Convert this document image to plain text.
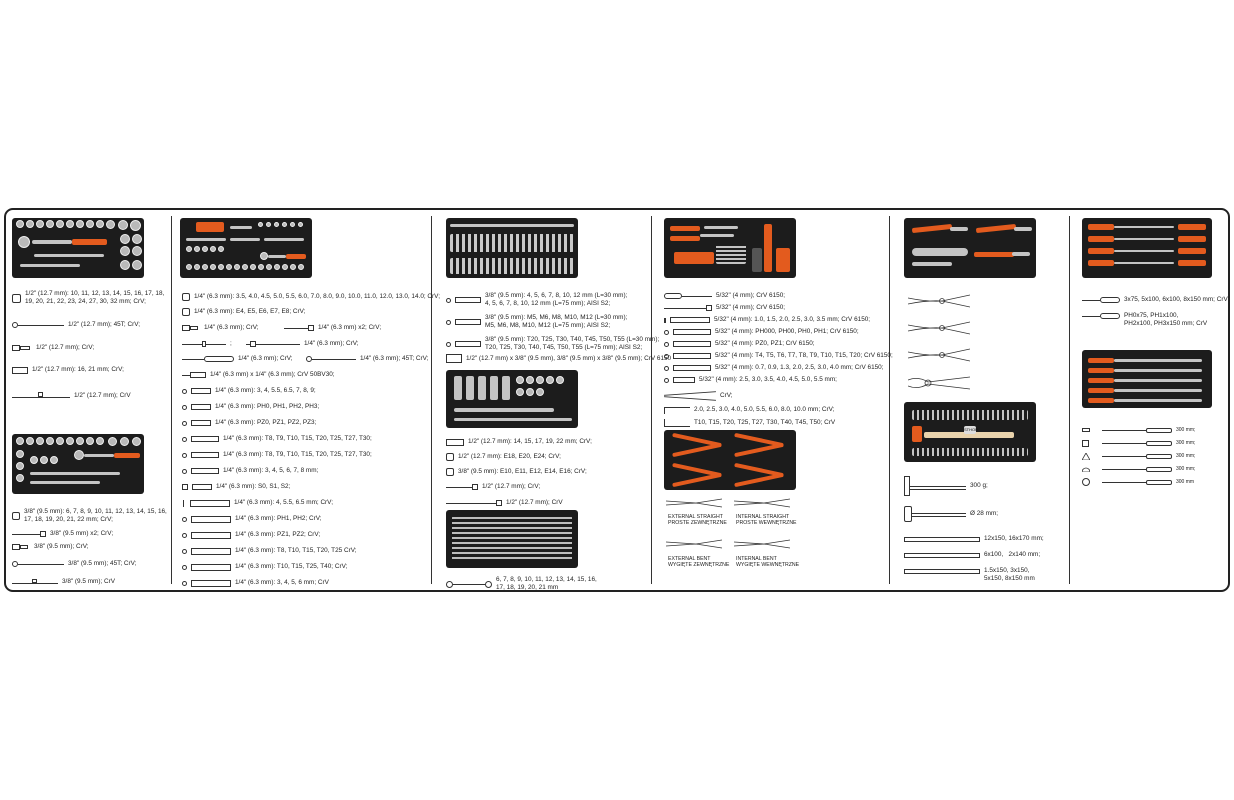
1/2" (12.7 mm): 10, 11, 12, 13, 14, 15, 16, 17, 18,
19, 20, 21, 22, 23, 24, 27, 30, 32 mm; CrV;
1/2" (12.7 mm); 45T; CrV;
1/2" (12.7 mm); CrV;
1/2" (12.7 mm): 16, 21 mm; CrV;
1/2" (12.7 mm); CrV
3/8" (9.5 mm): 6, 7, 8, 9, 10, 11, 12, 13, 14, 15, 16,
17, 18, 19, 20, 21, 22 mm; CrV;
3/8" (9.5 mm) x2; CrV;
3/8" (9.5 mm); CrV;
3/8" (9.5 mm); 45T; CrV;
3/8" (9.5 mm); CrV
1/4" (6.3 mm): 3.5, 4.0, 4.5, 5.0, 5.5, 6.0, 7.0, 8.0, 9.0, 10.0, 11.0, 12.0, 13.0, 14.0; CrV;
1/4" (6.3 mm): E4, E5, E6, E7, E8; CrV;
1/4" (6.3 mm); CrV;	1/4" (6.3 mm) x2; CrV;
;	1/4" (6.3 mm); CrV;
1/4" (6.3 mm); CrV;	1/4" (6.3 mm); 45T; CrV;
1/4" (6.3 mm) x 1/4" (6.3 mm); CrV 50BV30;
1/4" (6.3 mm): 3, 4, 5.5, 6.5, 7, 8, 9;
1/4" (6.3 mm): PH0, PH1, PH2, PH3;
1/4" (6.3 mm): PZ0, PZ1, PZ2, PZ3;
1/4" (6.3 mm): T8, T9, T10, T15, T20, T25, T27, T30;
1/4" (6.3 mm): T8, T9, T10, T15, T20, T25, T27, T30;
1/4" (6.3 mm): 3, 4, 5, 6, 7, 8 mm;
1/4" (6.3 mm): S0, S1, S2;
1/4" (6.3 mm): 4, 5.5, 6.5 mm; CrV;
1/4" (6.3 mm): PH1, PH2; CrV;
1/4" (6.3 mm): PZ1, PZ2; CrV;
1/4" (6.3 mm): T8, T10, T15, T20, T25 CrV;
1/4" (6.3 mm): T10, T15, T25, T40; CrV;
1/4" (6.3 mm): 3, 4, 5, 6 mm; CrV
3/8" (9.5 mm): 4, 5, 6, 7, 8, 10, 12 mm (L=30 mm);
4, 5, 6, 7, 8, 10, 12 mm (L=75 mm); AISI S2;
3/8" (9.5 mm): M5, M6, M8, M10, M12 (L=30 mm);
M5, M6, M8, M10, M12 (L=75 mm); AISI S2;
3/8" (9.5 mm): T20, T25, T30, T40, T45, T50, T55 (L=30 mm);
T20, T25, T30, T40, T45, T50, T55 (L=75 mm); AISI S2;
1/2" (12.7 mm) x 3/8" (9.5 mm), 3/8" (9.5 mm) x 3/8" (9.5 mm); CrV 6150
1/2" (12.7 mm): 14, 15, 17, 19, 22 mm; CrV;
1/2" (12.7 mm): E18, E20, E24; CrV;
3/8" (9.5 mm): E10, E11, E12, E14, E16; CrV;
1/2" (12.7 mm); CrV;
1/2" (12.7 mm); CrV
6, 7, 8, 9, 10, 11, 12, 13, 14, 15, 16,
17, 18, 19, 20, 21 mm
5/32" (4 mm); CrV 6150;
5/32" (4 mm); CrV 6150;
5/32" (4 mm): 1.0, 1.5, 2.0, 2.5, 3.0, 3.5 mm; CrV 6150;
5/32" (4 mm): PH000, PH00, PH0, PH1; CrV 6150;
5/32" (4 mm): PZ0, PZ1; CrV 6150;
5/32" (4 mm): T4, T5, T6, T7, T8, T9, T10, T15, T20; CrV 6150;
5/32" (4 mm): 0.7, 0.9, 1.3, 2.0, 2.5, 3.0, 4.0 mm; CrV 6150;
5/32" (4 mm): 2.5, 3.0, 3.5, 4.0, 4.5, 5.0, 5.5 mm;
CrV;
2.0, 2.5, 3.0, 4.0, 5.0, 5.5, 6.0, 8.0, 10.0 mm; CrV;
T10, T15, T20, T25, T27, T30, T40, T45, T50; CrV
EXTERNAL STRAIGHT
PROSTE ZEWNĘTRZNE
INTERNAL STRAIGHT
PROSTE WEWNĘTRZNE
EXTERNAL BENT
WYGIĘTE ZEWNĘTRZNE
INTERNAL BENT
WYGIĘTE WEWNĘTRZNE
STHOR
300 g;
Ø 28 mm;
12x150, 16x170 mm;
6x100,   2x140 mm;
1.5x150, 3x150,
5x150, 8x150 mm
3x75, 5x100, 6x100, 8x150 mm; CrV;
PH0x75, PH1x100,
PH2x100, PH3x150 mm; CrV
300 mm;
300 mm;
300 mm;
300 mm;
300 mm
